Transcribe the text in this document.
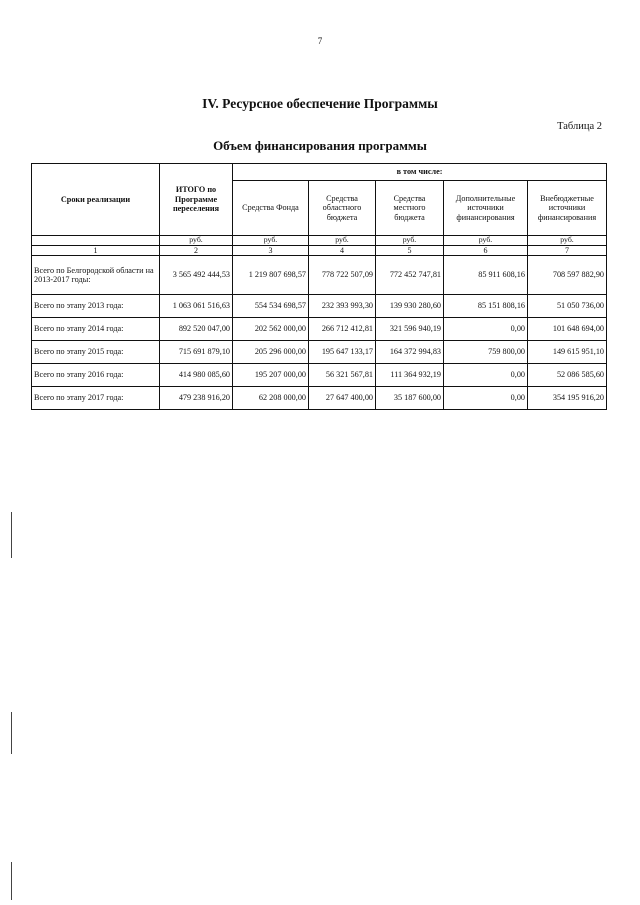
7
IV. Ресурсное обеспечение Программы
Таблица 2
Объем финансирования программы
Сроки реализации	ИТОГО по Программе переселения	в том числе:				
		Средства Фонда	Средства областного бюджета	Средства местного бюджета	Дополнительные источники финансирования	Внебюджетные источники финансирования
	руб.	руб.	руб.	руб.	руб.	руб.
1	2	3	4	5	6	7
Всего по Белгородской области на 2013-2017 годы:	3 565 492 444,53	1 219 807 698,57	778 722 507,09	772 452 747,81	85 911 608,16	708 597 882,90
Всего по этапу 2013 года:	1 063 061 516,63	554 534 698,57	232 393 993,30	139 930 280,60	85 151 808,16	51 050 736,00
Всего по этапу 2014 года:	892 520 047,00	202 562 000,00	266 712 412,81	321 596 940,19	0,00	101 648 694,00
Всего по этапу 2015 года:	715 691 879,10	205 296 000,00	195 647 133,17	164 372 994,83	759 800,00	149 615 951,10
Всего по этапу 2016 года:	414 980 085,60	195 207 000,00	56 321 567,81	111 364 932,19	0,00	52 086 585,60
Всего по этапу 2017 года:	479 238 916,20	62 208 000,00	27 647 400,00	35 187 600,00	0,00	354 195 916,20
